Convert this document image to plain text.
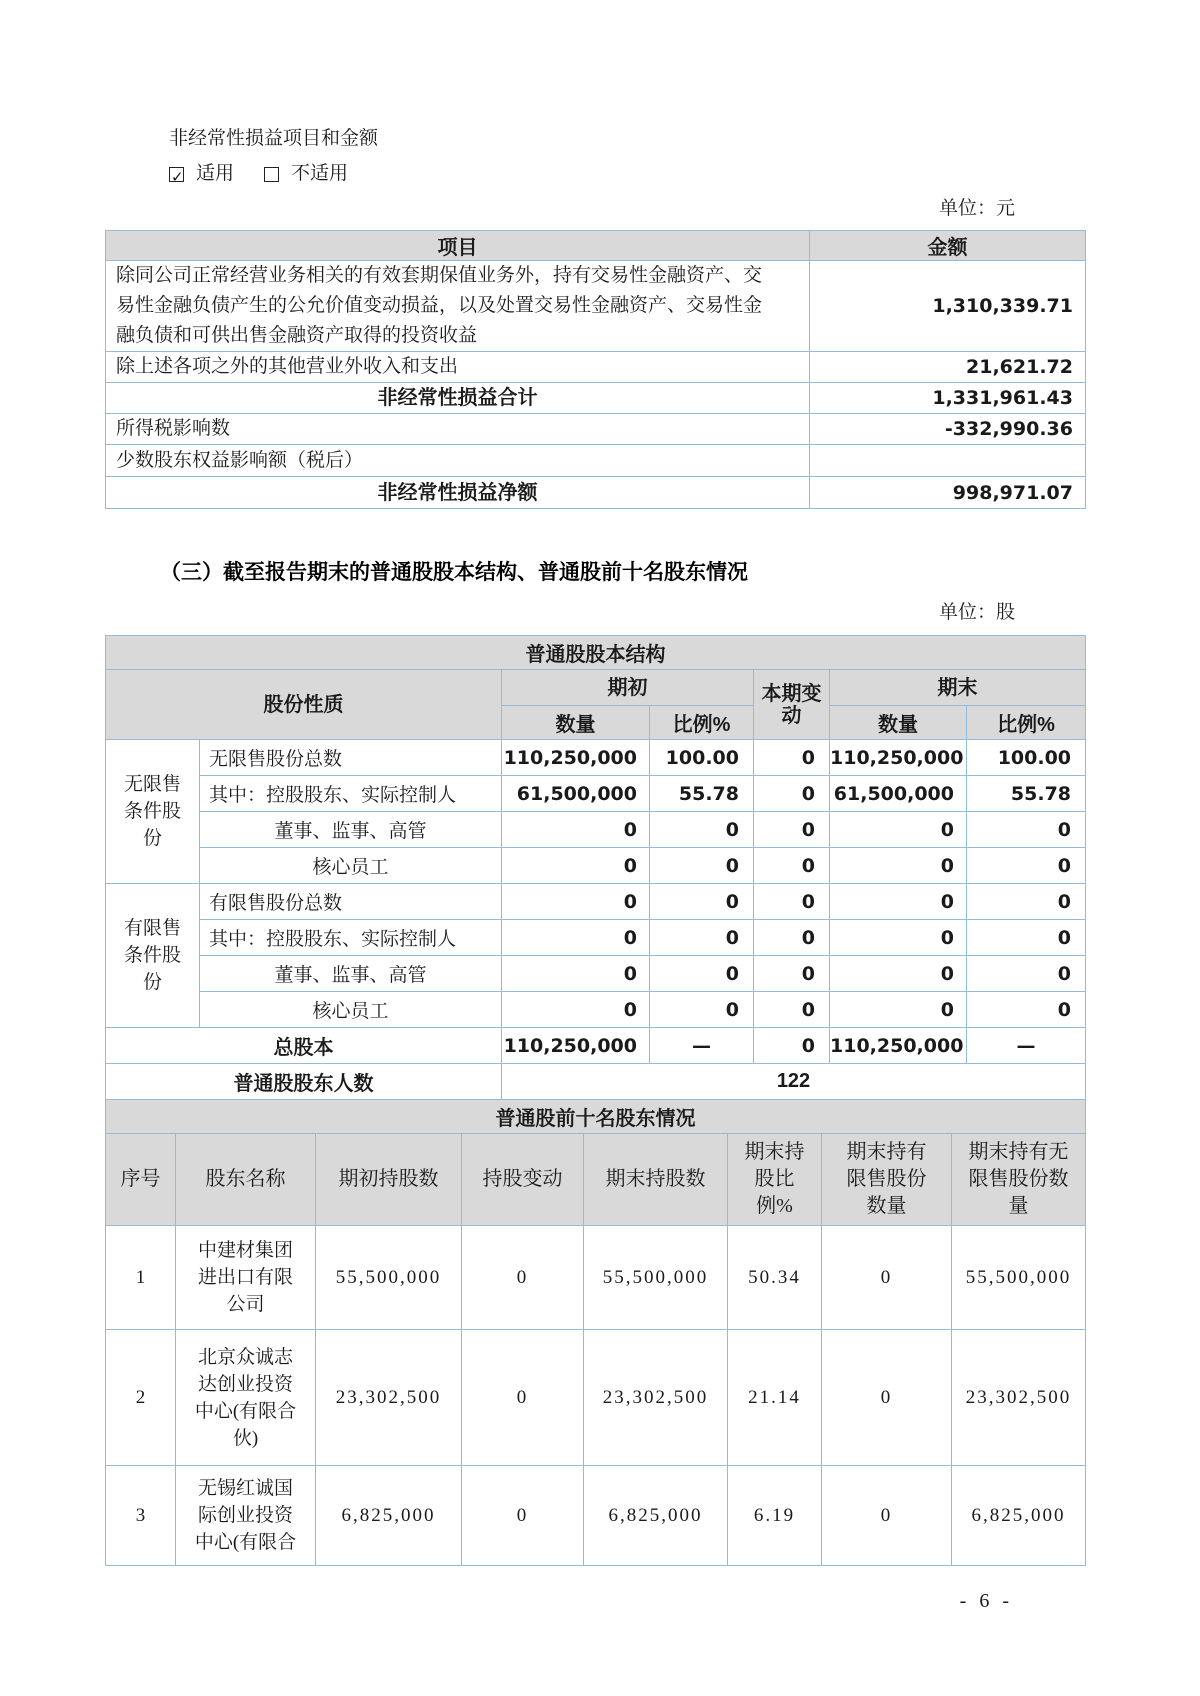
非经常性损益项目和金额

✓
适用	不适用
单位：元
项目	金额
除同公司正常经营业务相关的有效套期保值业务外，持有交易性金融资产、交易性金融负债产生的公允价值变动损益，以及处置交易性金融资产、交易性金融负债和可供出售金融资产取得的投资收益	1,310,339.71
除上述各项之外的其他营业外收入和支出	21,621.72
非经常性损益合计	1,331,961.43
所得税影响数	-332,990.36
少数股东权益影响额（税后）	
非经常性损益净额	998,971.07

（三）截至报告期末的普通股股本结构、普通股前十名股东情况

单位：股
普通股股本结构						
股份性质		期初		本期变动	期末	
		数量	比例%		数量	比例%
无限售条件股份	无限售股份总数	110,250,000	100.00	0	110,250,000	100.00
	其中：控股股东、实际控制人	61,500,000	55.78	0	61,500,000	55.78
	董事、监事、高管	0	0	0	0	0
	核心员工	0	0	0	0	0
有限售条件股份	有限售股份总数	0	0	0	0	0
	其中：控股股东、实际控制人	0	0	0	0	0
	董事、监事、高管	0	0	0	0	0
	核心员工	0	0	0	0	0
总股本		110,250,000	—	0	110,250,000	—
普通股股东人数		122				
普通股前十名股东情况							
序号	股东名称	期初持股数	持股变动	期末持股数	期末持股比例%	期末持有限售股份数量	期末持有无限售股份数量
1	中建材集团进出口有限公司	55,500,000	0	55,500,000	50.34	0	55,500,000
2	北京众诚志达创业投资中心(有限合伙)	23,302,500	0	23,302,500	21.14	0	23,302,500
3	无锡红诚国际创业投资中心(有限合	6,825,000	0	6,825,000	6.19	0	6,825,000
- 6 -
